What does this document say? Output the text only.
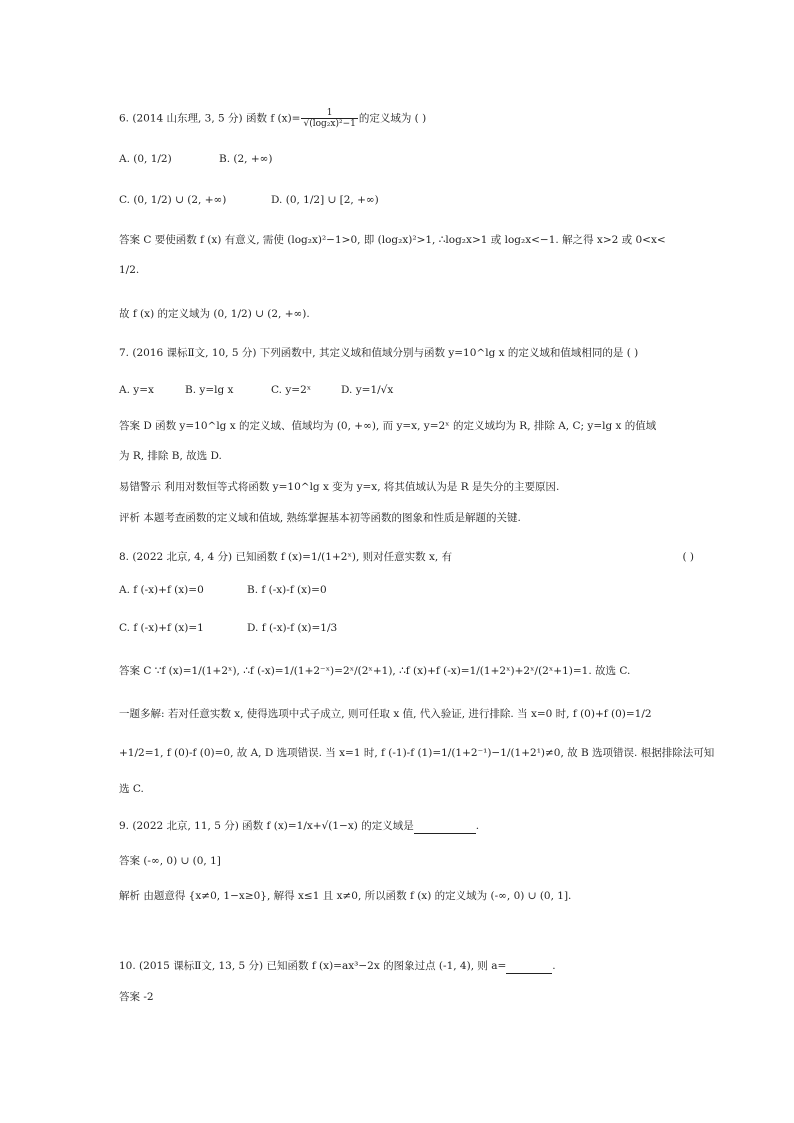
6. (2014 山东理, 3, 5 分) 函数 f $(x)= \frac{1}{\text{√(log₂x)²−1}}$ 的定义域为 ( )
A. (0, 1/2)	B. (2, +∞)
C. (0, 1/2) ∪ (2, +∞)	D. (0, 1/2] ∪ [2, +∞)
答案 C 要使函数 f (x) 有意义, 需使 (log₂x)²−1>0, 即 (log₂x)²>1, ∴log₂x>1 或 log₂x<−1. 解之得 x>2 或 0<x<
1/2.
故 f (x) 的定义域为 (0, 1/2) ∪ (2, +∞).
7. (2016 课标Ⅱ文, 10, 5 分) 下列函数中, 其定义域和值域分别与函数 y=10^lg x 的定义域和值域相同的是 ( )
A. y=x	B. y=lg x	C. y=2ˣ	D. y=1/√x
答案 D 函数 y=10^lg x 的定义域、值域均为 (0, +∞), 而 y=x, y=2ˣ 的定义域均为 R, 排除 A, C; y=lg x 的值域
为 R, 排除 B, 故选 D.
易错警示 利用对数恒等式将函数 y=10^lg x 变为 y=x, 将其值域认为是 R 是失分的主要原因.
评析 本题考查函数的定义域和值域, 熟练掌握基本初等函数的图象和性质是解题的关键.
8. (2022 北京, 4, 4 分) 已知函数 f (x)=1/(1+2ˣ), 则对任意实数 x, 有	( )
A. f (-x)+f (x)=0	B. f (-x)-f (x)=0
C. f (-x)+f (x)=1	D. f (-x)-f (x)=1/3
答案 C ∵f (x)=1/(1+2ˣ), ∴f (-x)=1/(1+2⁻ˣ)=2ˣ/(2ˣ+1), ∴f (x)+f (-x)=1/(1+2ˣ)+2ˣ/(2ˣ+1)=1. 故选 C.
一题多解: 若对任意实数 x, 使得选项中式子成立, 则可任取 x 值, 代入验证, 进行排除. 当 x=0 时, f (0)+f (0)=1/2
+1/2=1, f (0)-f (0)=0, 故 A, D 选项错误. 当 x=1 时, f (-1)-f (1)=1/(1+2⁻¹)−1/(1+2¹)≠0, 故 B 选项错误. 根据排除法可知
选 C.
9. (2022 北京, 11, 5 分) 函数 f (x)=1/x+√(1−x) 的定义域是	.
答案 (-∞, 0) ∪ (0, 1]
解析 由题意得 {x≠0, 1−x≥0}, 解得 x≤1 且 x≠0, 所以函数 f (x) 的定义域为 (-∞, 0) ∪ (0, 1].
10. (2015 课标Ⅱ文, 13, 5 分) 已知函数 f (x)=ax³−2x 的图象过点 (-1, 4), 则 a=	.
答案 -2
